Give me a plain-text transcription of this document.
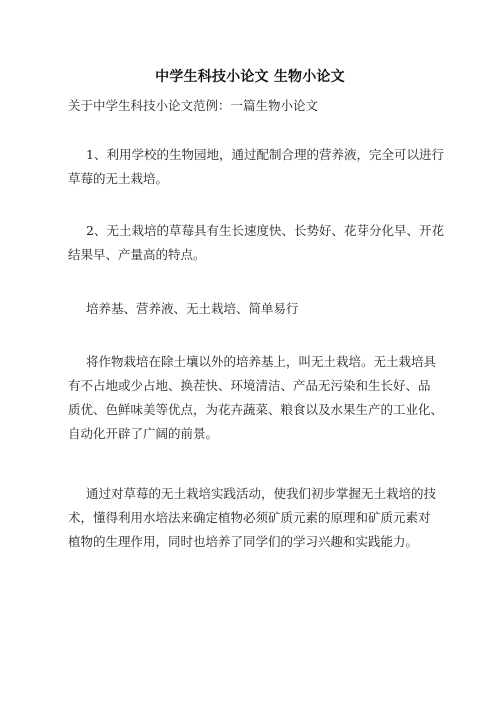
中学生科技小论文 生物小论文
关于中学生科技小论文范例：一篇生物小论文
1、利用学校的生物园地，通过配制合理的营养液，完全可以进行
草莓的无土栽培。
2、无土栽培的草莓具有生长速度快、长势好、花芽分化早、开花
结果早、产量高的特点。
培养基、营养液、无土栽培、简单易行
将作物栽培在除土壤以外的培养基上，叫无土栽培。无土栽培具
有不占地或少占地、换茬快、环境清洁、产品无污染和生长好、品
质优、色鲜味美等优点，为花卉蔬菜、粮食以及水果生产的工业化、
自动化开辟了广阔的前景。
通过对草莓的无土栽培实践活动，使我们初步掌握无土栽培的技
术，懂得利用水培法来确定植物必须矿质元素的原理和矿质元素对
植物的生理作用，同时也培养了同学们的学习兴趣和实践能力。
